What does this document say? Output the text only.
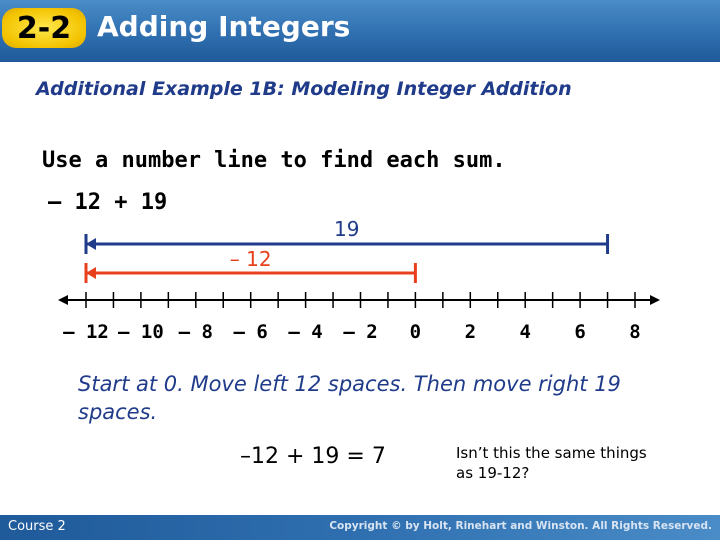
2-2 Adding Integers
Additional Example 1B: Modeling Integer Addition
Use a number line to find each sum.
– 12 + 19
– 12 – 10 – 8 – 6 – 4 – 2 0 2 4 6 8
19
– 12
Start at 0. Move left 12 spaces. Then move right 19 spaces.
–12 + 19 = 7	Isn’t this the same things as 19-12?
Course 2	Copyright © by Holt, Rinehart and Winston. All Rights Reserved.
